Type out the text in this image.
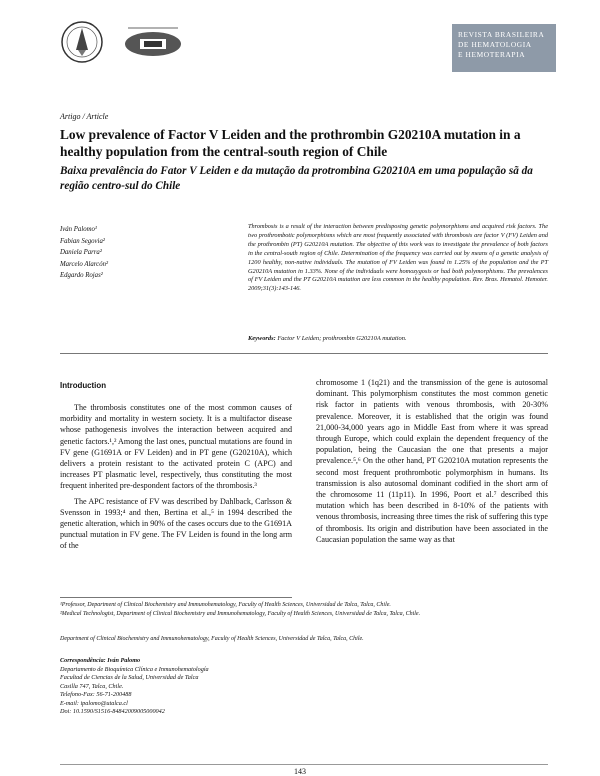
REVISTA BRASILEIRA
DE HEMATOLOGIA
E HEMOTERAPIA
Artigo / Article
Low prevalence of Factor V Leiden and the prothrombin G20210A mutation in a healthy population from the central-south region of Chile
Baixa prevalência do Fator V Leiden e da mutação da protrombina G20210A em uma população sã da região centro-sul do Chile
Iván Palomo¹
Fabian Segovia²
Daniela Parra²
Marcelo Alarcón²
Edgardo Rojas²
Thrombosis is a result of the interaction between predisposing genetic polymorphisms and acquired risk factors. The two prothrombotic polymorphisms which are most frequently associated with thrombosis are factor V (FV) Leiden and the prothrombin (PT) G20210A mutation. The objective of this work was to investigate the prevalence of both factors in the central-south region of Chile. Determination of the frequency was carried out by means of a genetic analysis of 1200 healthy, non-native individuals. The mutation of FV Leiden was found in 1.25% of the population and the PT G20210A mutation in 1.33%. None of the individuals were homozygosis or had both polymorphisms. The prevalences of FV Leiden and the PT G20210A mutation are less common in the healthy population. Rev. Bras. Hematol. Hemoter. 2009;31(3):143-146.
Keywords: Factor V Leiden; prothrombin G20210A mutation.
Introduction

The thrombosis constitutes one of the most common causes of morbidity and mortality in western society. It is a multifactor disease whose pathogenesis involves the interaction between acquired and genetic factors.¹,² Among the last ones, punctual mutations are found in FV gene (G1691A or FV Leiden) and in PT gene (G20210A), which delivers a protein resistant to the activated protein C (APC) and increases PT plasmatic level, respectively, thus constituting the most frequent inherited pre-despondent factors of the thrombosis.³

The APC resistance of FV was described by Dahlback, Carlsson & Svensson in 1993;⁴ and then, Bertina et al.,⁵ in 1994 described the genetic alteration, which in 90% of the cases occurs due to the G1691A punctual mutation in FV gene. The FV Leiden is found in the long arm of the

chromosome 1 (1q21) and the transmission of the gene is autosomal dominant. This polymorphism constitutes the most common genetic risk factor in patients with venous thrombosis, with 20-30% prevalence. Moreover, it is established that the origin was found 21,000-34,000 years ago in Middle East from where it was spread through Europe, which could explain the dependent frequency of the population, being the Caucasian the one that presents a major prevalence.⁵,⁶ On the other hand, PT G20210A mutation represents the second most frequent prothrombotic polymorphism in humans. Its transmission is also autosomal dominant codified in the short arm of the chromosome 11 (11p11). In 1996, Poort et al.⁷ described this mutation which has been described in 8-10% of the patients with venous thrombosis, increasing three times the risk of suffering this type of thrombosis. Its origin and distribution have been associated in the Caucasian population the same way as that

¹Professor, Department of Clinical Biochemistry and Immunohematology, Faculty of Health Sciences, Universidad de Talca, Talca, Chile.
²Medical Technologist, Department of Clinical Biochemistry and Immunohematology, Faculty of Health Sciences, Universidad de Talca, Talca, Chile.
Department of Clinical Biochemistry and Immunohematology, Faculty of Health Sciences, Universidad de Talca, Talca, Chile.
Correspondência: Iván Palomo
Departamento de Bioquímica Clínica e Inmunohematología
Facultad de Ciencias de la Salud, Universidad de Talca
Casilla 747, Talca, Chile.
Telefono-Fax: 56-71-200488
E-mail: ipalomo@utalca.cl
Doi: 10.1590/S1516-84842009005000042
143
